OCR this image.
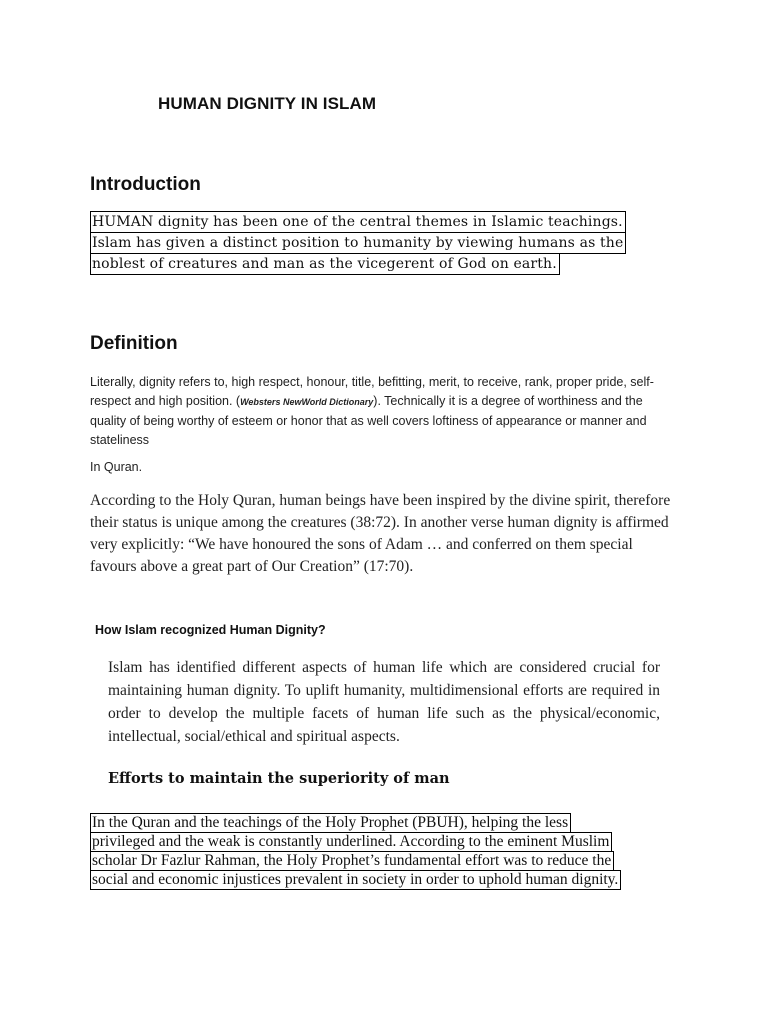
HUMAN DIGNITY IN ISLAM
Introduction
HUMAN dignity has been one of the central themes in Islamic teachings.
Islam has given a distinct position to humanity by viewing humans as the
noblest of creatures and man as the vicegerent of God on earth.
Definition
Literally, dignity refers to, high respect, honour, title, befitting, merit, to receive, rank, proper pride, self-respect and high position. (Websters NewWorld Dictionary). Technically it is a degree of worthiness and the quality of being worthy of esteem or honor that as well covers loftiness of appearance or manner and stateliness
In Quran.
According to the Holy Quran, human beings have been inspired by the divine spirit, therefore their status is unique among the creatures (38:72). In another verse human dignity is affirmed very explicitly: “We have honoured the sons of Adam … and conferred on them special favours above a great part of Our Creation” (17:70).
How Islam recognized Human Dignity?
Islam has identified different aspects of human life which are considered crucial for maintaining human dignity. To uplift humanity, multidimensional efforts are required in order to develop the multiple facets of human life such as the physical/economic, intellectual, social/ethical and spiritual aspects.
Efforts to maintain the superiority of man
In the Quran and the teachings of the Holy Prophet (PBUH), helping the less
privileged and the weak is constantly underlined. According to the eminent Muslim
scholar Dr Fazlur Rahman, the Holy Prophet’s fundamental effort was to reduce the
social and economic injustices prevalent in society in order to uphold human dignity.
